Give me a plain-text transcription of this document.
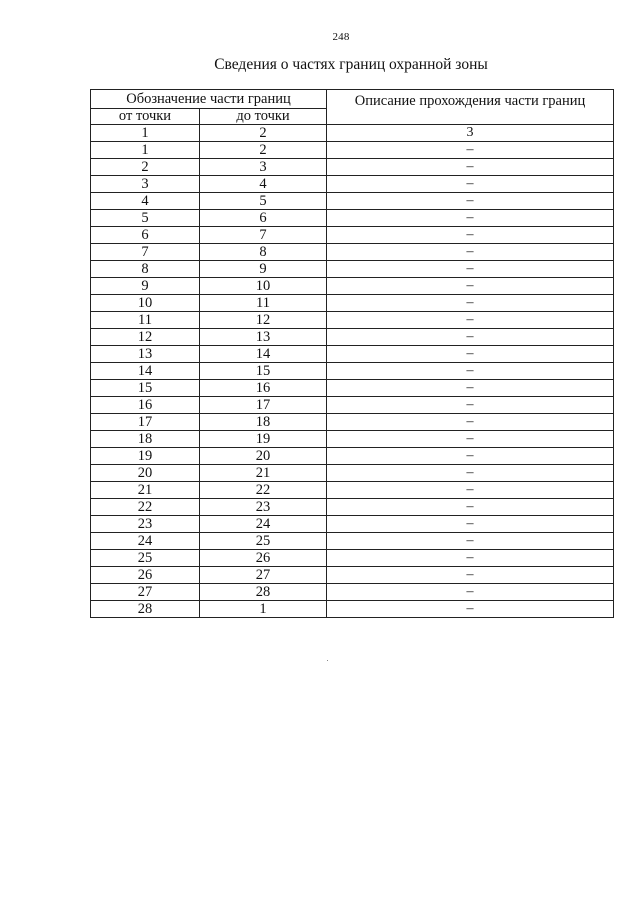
248
Сведения о частях границ охранной зоны
Обозначение части границ		Описание прохождения части границ
от точки	до точки	
1	2	3
1	2	–
2	3	–
3	4	–
4	5	–
5	6	–
6	7	–
7	8	–
8	9	–
9	10	–
10	11	–
11	12	–
12	13	–
13	14	–
14	15	–
15	16	–
16	17	–
17	18	–
18	19	–
19	20	–
20	21	–
21	22	–
22	23	–
23	24	–
24	25	–
25	26	–
26	27	–
27	28	–
28	1	–
